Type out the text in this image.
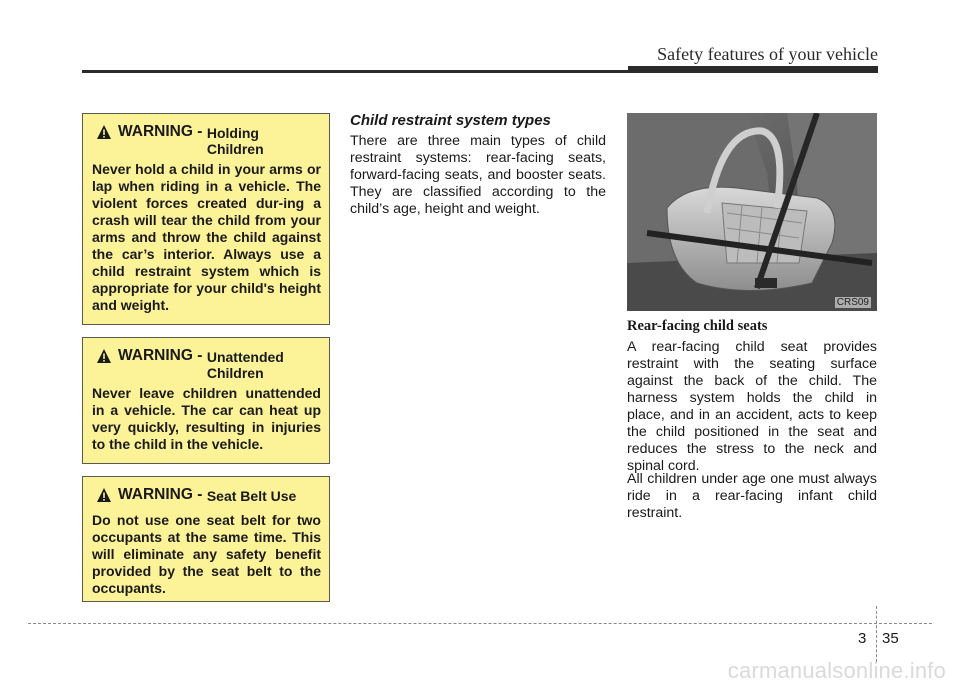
Safety features of your vehicle
WARNING - Holding
Children
Never hold a child in your arms or lap when riding in a vehicle. The violent forces created dur-ing a crash will tear the child from your arms and throw the child against the car’s interior. Always use a child restraint system which is appropriate for your child's height and weight.
WARNING - Unattended
Children
Never leave children unattended in a vehicle. The car can heat up very quickly, resulting in injuries to the child in the vehicle.
WARNING - Seat Belt Use
Do not use one seat belt for two occupants at the same time. This will eliminate any safety benefit provided by the seat belt to the occupants.
Child restraint system types
There are three main types of child restraint systems: rear-facing seats, forward-facing seats, and booster seats. They are classified according to the child’s age, height and weight.
CRS09
Rear-facing child seats
A rear-facing child seat provides restraint with the seating surface against the back of the child. The harness system holds the child in place, and in an accident, acts to keep the child positioned in the seat and reduces the stress to the neck and spinal cord.
All children under age one must always ride in a rear-facing infant child restraint.
3 35
carmanualsonline.info
